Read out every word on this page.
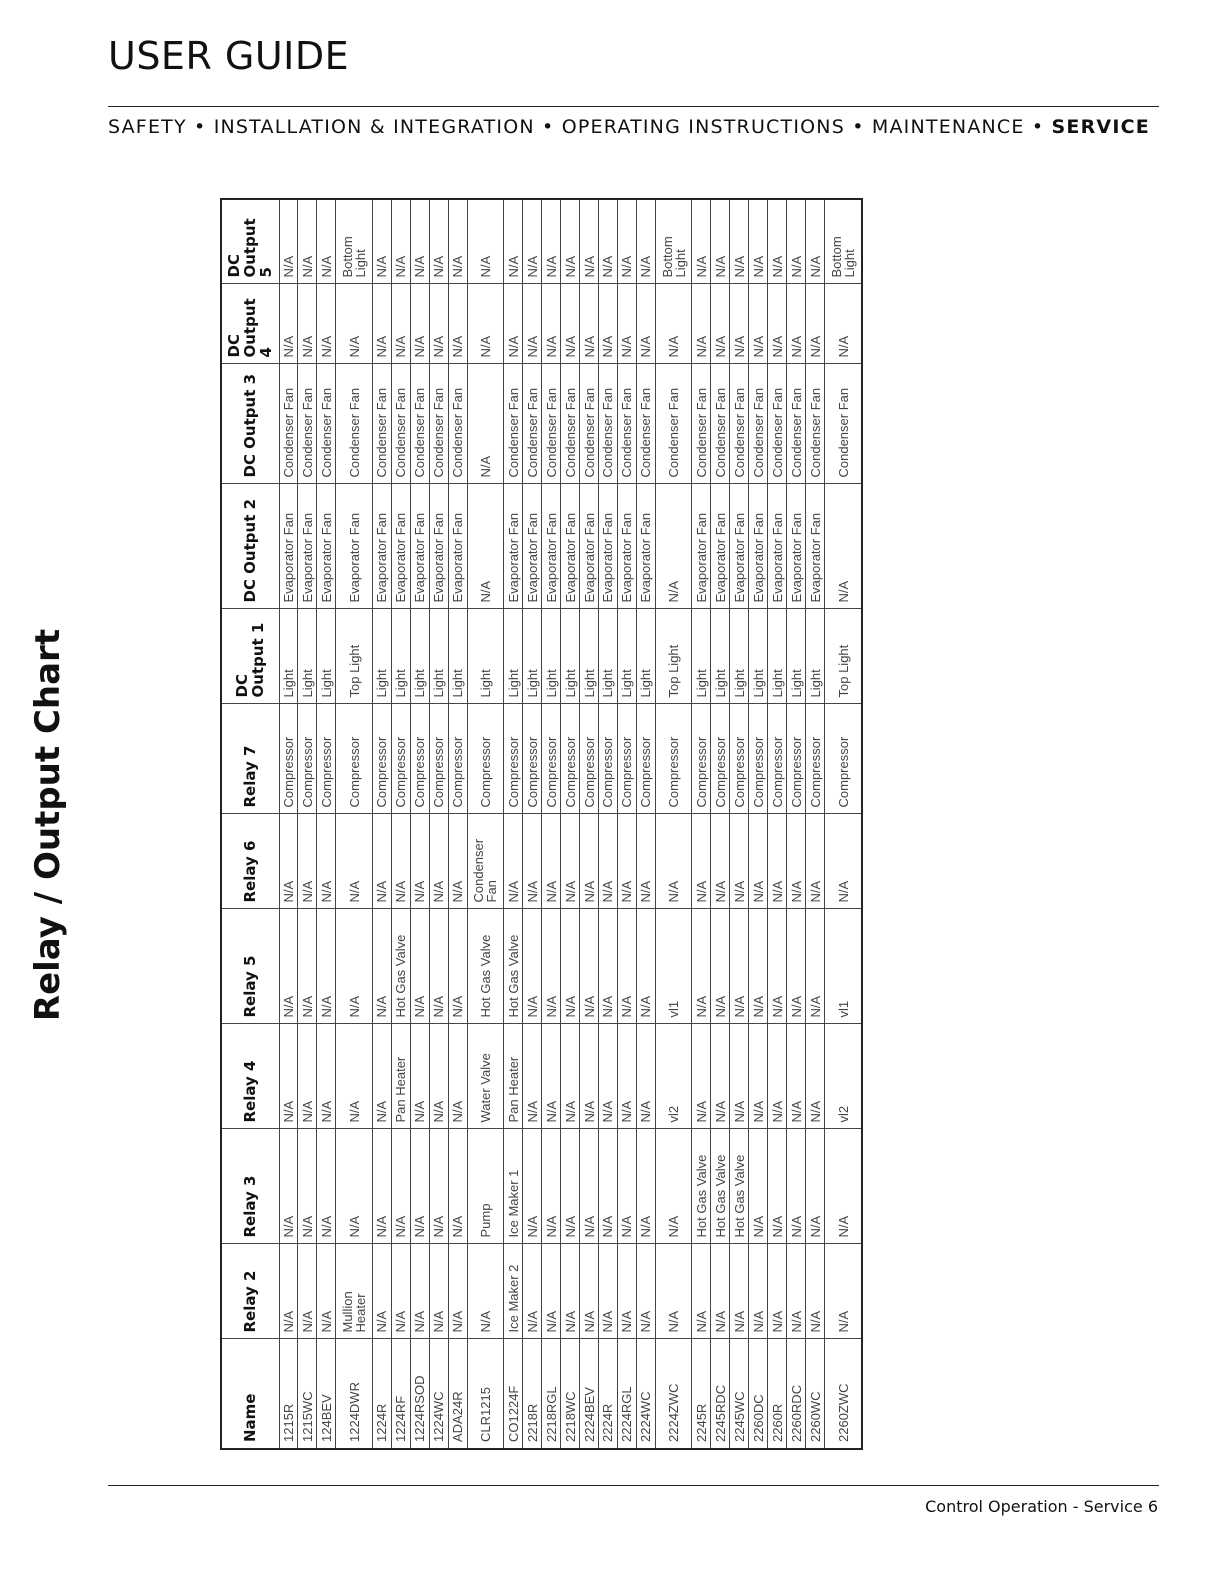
USER GUIDE
SAFETY • INSTALLATION & INTEGRATION • OPERATING INSTRUCTIONS • MAINTENANCE • SERVICE
Relay / Output Chart
Name	Relay 2	Relay 3	Relay 4	Relay 5	Relay 6	Relay 7	DC Output 1	DC Output 2	DC Output 3	DC Output 4	DC Output 5
1215R	N/A	N/A	N/A	N/A	N/A	Compressor	Light	Evaporator Fan	Condenser Fan	N/A	N/A
1215WC	N/A	N/A	N/A	N/A	N/A	Compressor	Light	Evaporator Fan	Condenser Fan	N/A	N/A
124BEV	N/A	N/A	N/A	N/A	N/A	Compressor	Light	Evaporator Fan	Condenser Fan	N/A	N/A
1224DWR	Mullion Heater	N/A	N/A	N/A	N/A	Compressor	Top Light	Evaporator Fan	Condenser Fan	N/A	Bottom Light
1224R	N/A	N/A	N/A	N/A	N/A	Compressor	Light	Evaporator Fan	Condenser Fan	N/A	N/A
1224RF	N/A	N/A	Pan Heater	Hot Gas Valve	N/A	Compressor	Light	Evaporator Fan	Condenser Fan	N/A	N/A
1224RSOD	N/A	N/A	N/A	N/A	N/A	Compressor	Light	Evaporator Fan	Condenser Fan	N/A	N/A
1224WC	N/A	N/A	N/A	N/A	N/A	Compressor	Light	Evaporator Fan	Condenser Fan	N/A	N/A
ADA24R	N/A	N/A	N/A	N/A	N/A	Compressor	Light	Evaporator Fan	Condenser Fan	N/A	N/A
CLR1215	N/A	Pump	Water Valve	Hot Gas Valve	Condenser Fan	Compressor	Light	N/A	N/A	N/A	N/A
CO1224F	Ice Maker 2	Ice Maker 1	Pan Heater	Hot Gas Valve	N/A	Compressor	Light	Evaporator Fan	Condenser Fan	N/A	N/A
2218R	N/A	N/A	N/A	N/A	N/A	Compressor	Light	Evaporator Fan	Condenser Fan	N/A	N/A
2218RGL	N/A	N/A	N/A	N/A	N/A	Compressor	Light	Evaporator Fan	Condenser Fan	N/A	N/A
2218WC	N/A	N/A	N/A	N/A	N/A	Compressor	Light	Evaporator Fan	Condenser Fan	N/A	N/A
2224BEV	N/A	N/A	N/A	N/A	N/A	Compressor	Light	Evaporator Fan	Condenser Fan	N/A	N/A
2224R	N/A	N/A	N/A	N/A	N/A	Compressor	Light	Evaporator Fan	Condenser Fan	N/A	N/A
2224RGL	N/A	N/A	N/A	N/A	N/A	Compressor	Light	Evaporator Fan	Condenser Fan	N/A	N/A
2224WC	N/A	N/A	N/A	N/A	N/A	Compressor	Light	Evaporator Fan	Condenser Fan	N/A	N/A
2224ZWC	N/A	N/A	vl2	vl1	N/A	Compressor	Top Light	N/A	Condenser Fan	N/A	Bottom Light
2245R	N/A	Hot Gas Valve	N/A	N/A	N/A	Compressor	Light	Evaporator Fan	Condenser Fan	N/A	N/A
2245RDC	N/A	Hot Gas Valve	N/A	N/A	N/A	Compressor	Light	Evaporator Fan	Condenser Fan	N/A	N/A
2245WC	N/A	Hot Gas Valve	N/A	N/A	N/A	Compressor	Light	Evaporator Fan	Condenser Fan	N/A	N/A
2260DC	N/A	N/A	N/A	N/A	N/A	Compressor	Light	Evaporator Fan	Condenser Fan	N/A	N/A
2260R	N/A	N/A	N/A	N/A	N/A	Compressor	Light	Evaporator Fan	Condenser Fan	N/A	N/A
2260RDC	N/A	N/A	N/A	N/A	N/A	Compressor	Light	Evaporator Fan	Condenser Fan	N/A	N/A
2260WC	N/A	N/A	N/A	N/A	N/A	Compressor	Light	Evaporator Fan	Condenser Fan	N/A	N/A
2260ZWC	N/A	N/A	vl2	vl1	N/A	Compressor	Top Light	N/A	Condenser Fan	N/A	Bottom Light
Control Operation - Service 6
